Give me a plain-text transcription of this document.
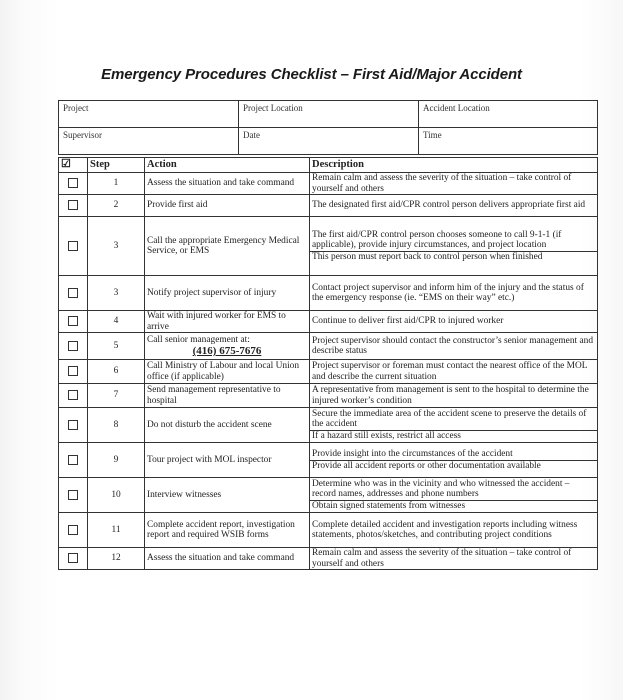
Emergency Procedures Checklist – First Aid/Major Accident
Project	Project Location	Accident Location
Supervisor	Date	Time
☑	Step	Action	Description
	1	Assess the situation and take command	Remain calm and assess the severity of the situation – take control of yourself and others

	2	Provide first aid	The designated first aid/CPR control person delivers appropriate first aid

	3	Call the appropriate Emergency Medical Service, or EMS	The first aid/CPR control person chooses someone to call 9-1-1 (if applicable), provide injury circumstances, and project location
This person must report back to control person when finished

	3	Notify project supervisor of injury	Contact project supervisor and inform him of the injury and the status of the emergency response (ie. “EMS on their way” etc.)

	4	Wait with injured worker for EMS to arrive	Continue to deliver first aid/CPR to injured worker

	5	Call senior management at:
(416) 675-7676	Project supervisor should contact the constructor’s senior management and describe status

	6	Call Ministry of Labour and local Union office (if applicable)	Project supervisor or foreman must contact the nearest office of the MOL and describe the current situation

	7	Send management representative to hospital	A representative from management is sent to the hospital to determine the injured worker’s condition

	8	Do not disturb the accident scene	Secure the immediate area of the accident scene to preserve the details of the accident
If a hazard still exists, restrict all access

	9	Tour project with MOL inspector	Provide insight into the circumstances of the accident
Provide all accident reports or other documentation available

	10	Interview witnesses	Determine who was in the vicinity and who witnessed the accident – record names, addresses and phone numbers
Obtain signed statements from witnesses

	11	Complete accident report, investigation report and required WSIB forms	Complete detailed accident and investigation reports including witness statements, photos/sketches, and contributing project conditions

	12	Assess the situation and take command	Remain calm and assess the severity of the situation – take control of yourself and others
